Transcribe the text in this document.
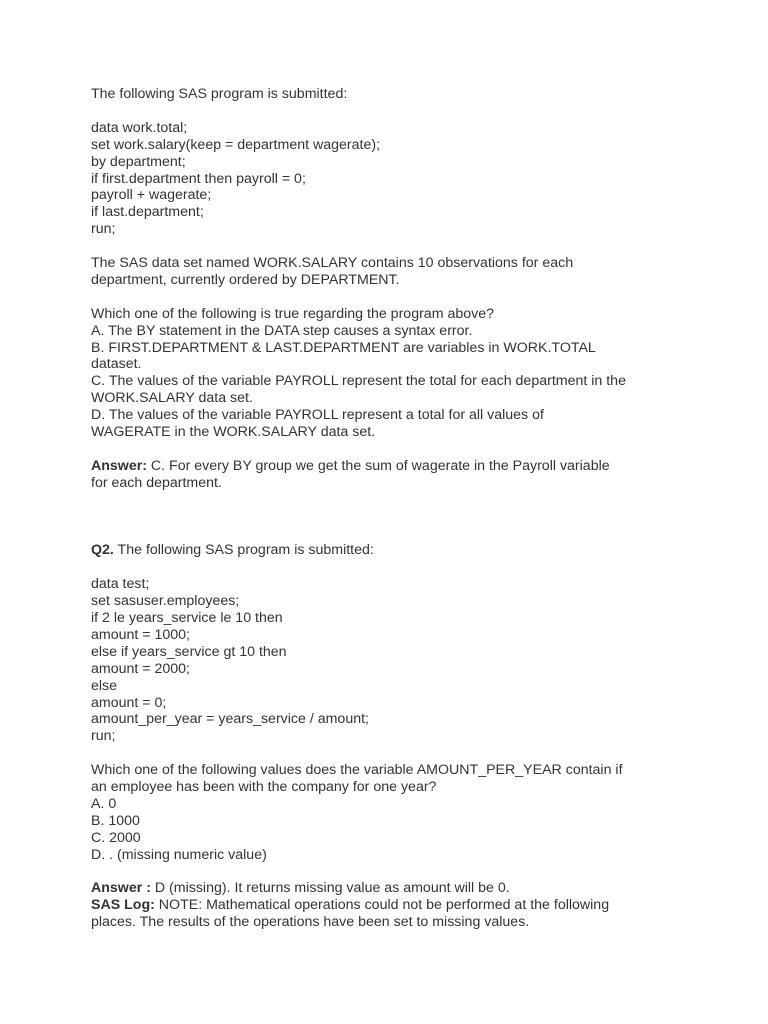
The following SAS program is submitted:

data work.total;

set work.salary(keep = department wagerate);

by department;

if first.department then payroll = 0;

payroll + wagerate;

if last.department;

run;

The SAS data set named WORK.SALARY contains 10 observations for each

department, currently ordered by DEPARTMENT.

Which one of the following is true regarding the program above?

A. The BY statement in the DATA step causes a syntax error.

B. FIRST.DEPARTMENT & LAST.DEPARTMENT are variables in WORK.TOTAL

dataset.

C. The values of the variable PAYROLL represent the total for each department in the

WORK.SALARY data set.

D. The values of the variable PAYROLL represent a total for all values of

WAGERATE in the WORK.SALARY data set.

Answer: C. For every BY group we get the sum of wagerate in the Payroll variable

for each department.

Q2. The following SAS program is submitted:

data test;

set sasuser.employees;

if 2 le years_service le 10 then

amount = 1000;

else if years_service gt 10 then

amount = 2000;

else

amount = 0;

amount_per_year = years_service / amount;

run;

Which one of the following values does the variable AMOUNT_PER_YEAR contain if

an employee has been with the company for one year?

A. 0

B. 1000

C. 2000

D. . (missing numeric value)

Answer : D (missing). It returns missing value as amount will be 0.

SAS Log: NOTE: Mathematical operations could not be performed at the following

places. The results of the operations have been set to missing values.
